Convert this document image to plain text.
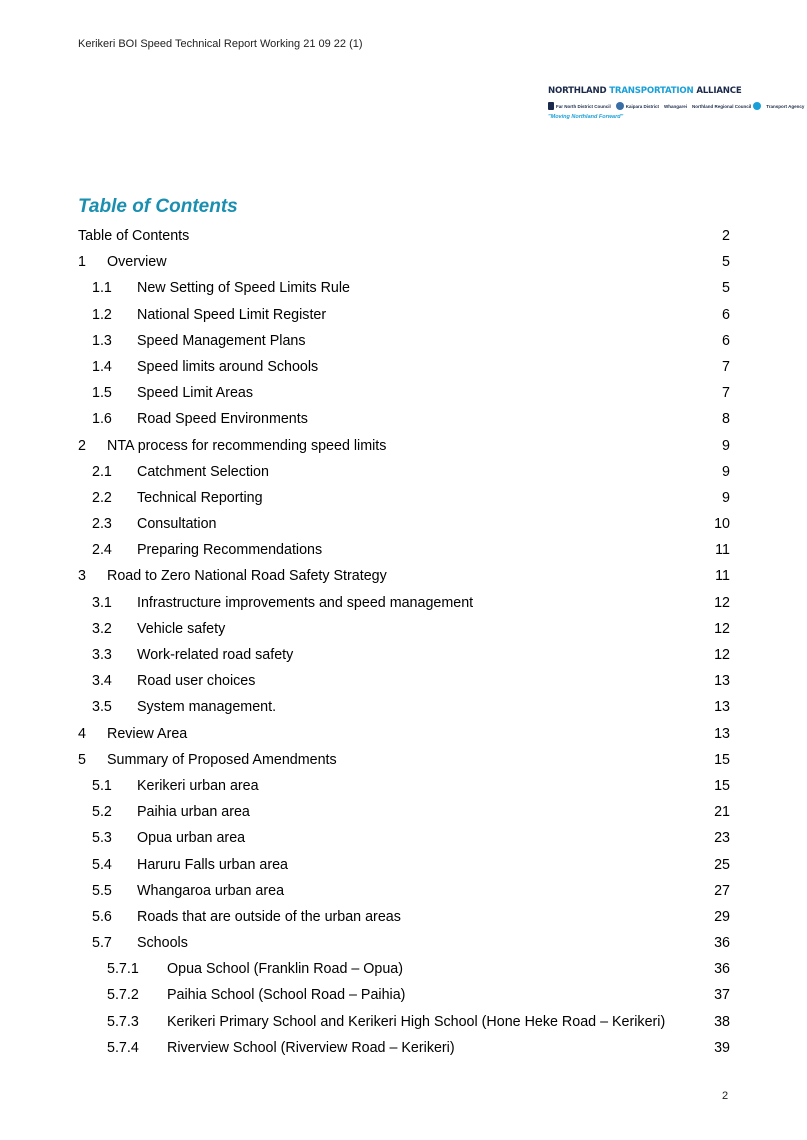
Kerikeri BOI Speed Technical Report Working 21 09 22 (1)
NORTHLAND TRANSPORTATION ALLIANCE
Far North District Council	Kaipara District Whangarei Northland Regional Council	Transport Agency
"Moving Northland Forward"
Table of Contents
Table of Contents	2
1 Overview	5
1.1 New Setting of Speed Limits Rule	5
1.2 National Speed Limit Register	6
1.3 Speed Management Plans	6
1.4 Speed limits around Schools	7
1.5 Speed Limit Areas	7
1.6 Road Speed Environments	8
2 NTA process for recommending speed limits	9
2.1 Catchment Selection	9
2.2 Technical Reporting	9
2.3 Consultation	10
2.4 Preparing Recommendations	11
3 Road to Zero National Road Safety Strategy	11
3.1 Infrastructure improvements and speed management	12
3.2 Vehicle safety	12
3.3 Work-related road safety	12
3.4 Road user choices	13
3.5 System management.	13
4 Review Area	13
5 Summary of Proposed Amendments	15
5.1 Kerikeri urban area	15
5.2 Paihia urban area	21
5.3 Opua urban area	23
5.4 Haruru Falls urban area	25
5.5 Whangaroa urban area	27
5.6 Roads that are outside of the urban areas	29
5.7 Schools	36
5.7.1 Opua School (Franklin Road – Opua)	36
5.7.2 Paihia School (School Road – Paihia)	37
5.7.3 Kerikeri Primary School and Kerikeri High School (Hone Heke Road – Kerikeri)	38
5.7.4 Riverview School (Riverview Road – Kerikeri)	39
2
